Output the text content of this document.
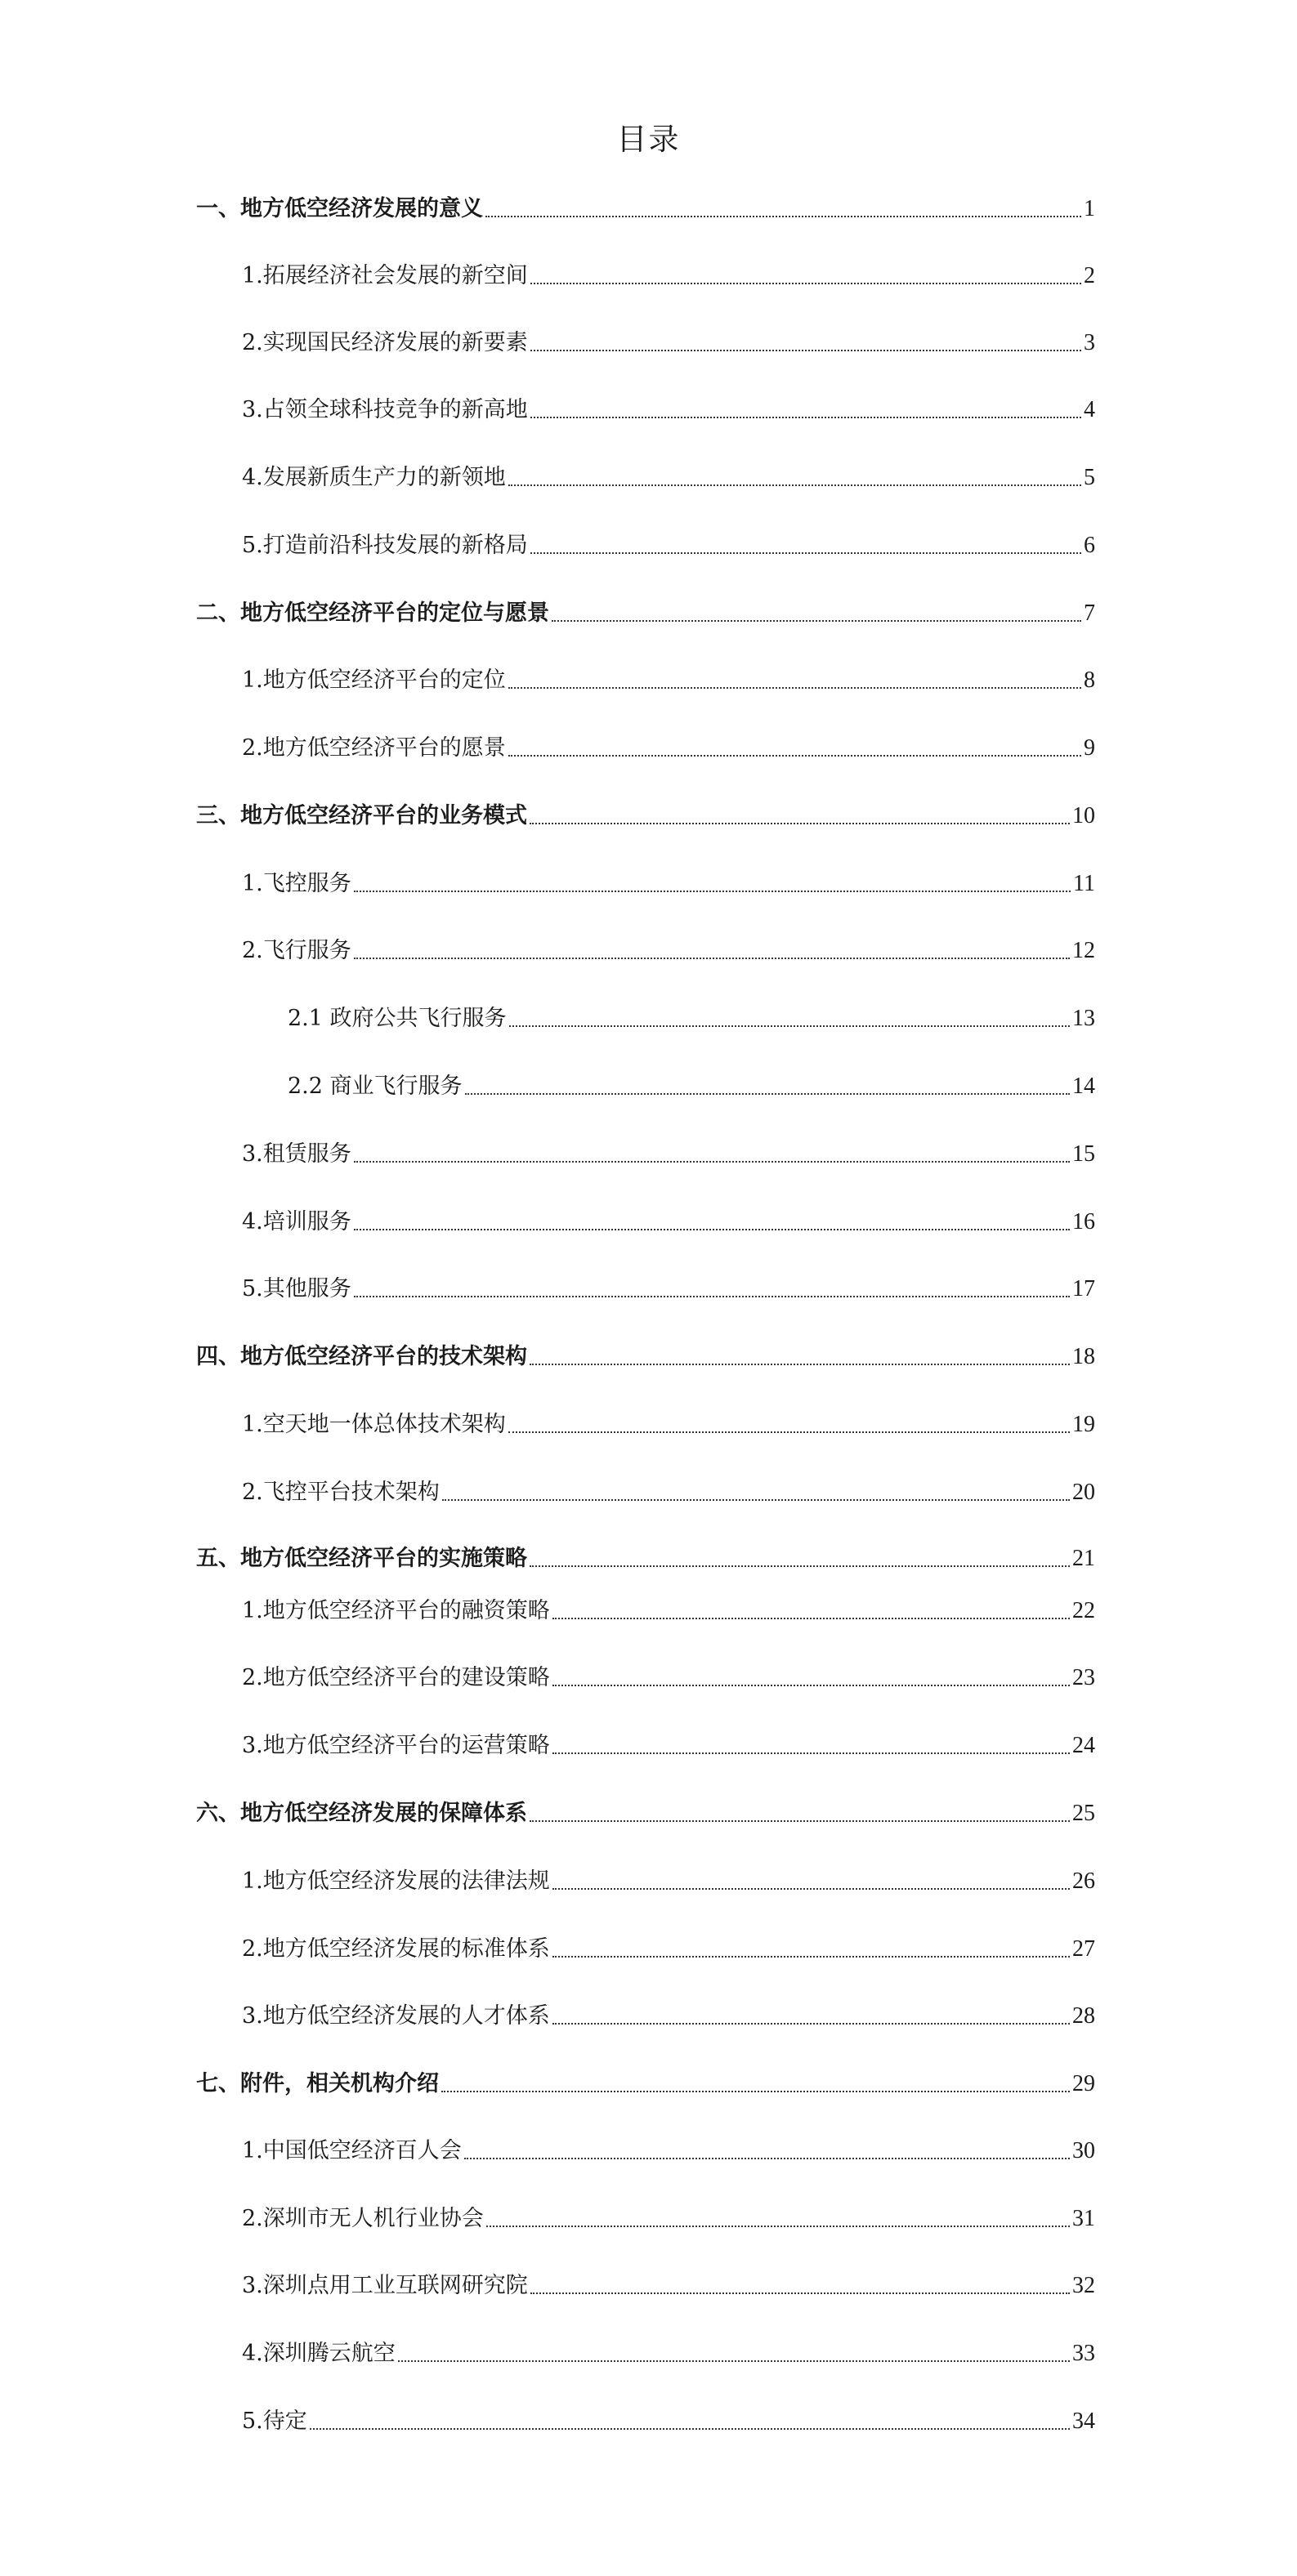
目录
一、地方低空经济发展的意义	1
1.拓展经济社会发展的新空间	2
2.实现国民经济发展的新要素	3
3.占领全球科技竞争的新高地	4
4.发展新质生产力的新领地	5
5.打造前沿科技发展的新格局	6
二、地方低空经济平台的定位与愿景	7
1.地方低空经济平台的定位	8
2.地方低空经济平台的愿景	9
三、地方低空经济平台的业务模式	10
1.飞控服务	11
2.飞行服务	12
2.1 政府公共飞行服务	13
2.2 商业飞行服务	14
3.租赁服务	15
4.培训服务	16
5.其他服务	17
四、地方低空经济平台的技术架构	18
1.空天地一体总体技术架构	19
2.飞控平台技术架构	20
五、地方低空经济平台的实施策略	21
1.地方低空经济平台的融资策略	22
2.地方低空经济平台的建设策略	23
3.地方低空经济平台的运营策略	24
六、地方低空经济发展的保障体系	25
1.地方低空经济发展的法律法规	26
2.地方低空经济发展的标准体系	27
3.地方低空经济发展的人才体系	28
七、附件，相关机构介绍	29
1.中国低空经济百人会	30
2.深圳市无人机行业协会	31
3.深圳点用工业互联网研究院	32
4.深圳腾云航空	33
5.待定	34
